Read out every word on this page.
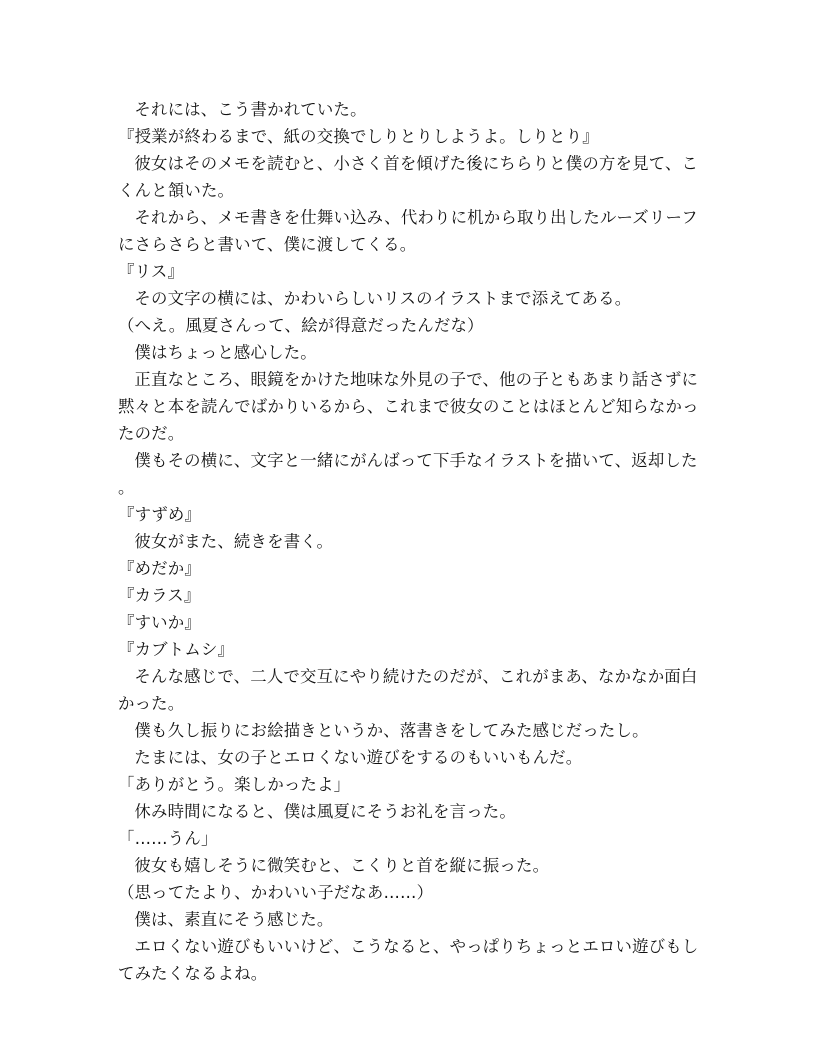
それには、こう書かれていた。

『授業が終わるまで、紙の交換でしりとりしようよ。しりとり』

彼女はそのメモを読むと、小さく首を傾げた後にちらりと僕の方を見て、こくんと頷いた。

それから、メモ書きを仕舞い込み、代わりに机から取り出したルーズリーフにさらさらと書いて、僕に渡してくる。

『リス』

その文字の横には、かわいらしいリスのイラストまで添えてある。

（へえ。風夏さんって、絵が得意だったんだな）

僕はちょっと感心した。

正直なところ、眼鏡をかけた地味な外見の子で、他の子ともあまり話さずに黙々と本を読んでばかりいるから、これまで彼女のことはほとんど知らなかったのだ。

僕もその横に、文字と一緒にがんばって下手なイラストを描いて、返却した。

『すずめ』

彼女がまた、続きを書く。

『めだか』

『カラス』

『すいか』

『カブトムシ』

そんな感じで、二人で交互にやり続けたのだが、これがまあ、なかなか面白かった。

僕も久し振りにお絵描きというか、落書きをしてみた感じだったし。

たまには、女の子とエロくない遊びをするのもいいもんだ。

「ありがとう。楽しかったよ」

休み時間になると、僕は風夏にそうお礼を言った。

「……うん」

彼女も嬉しそうに微笑むと、こくりと首を縦に振った。

（思ってたより、かわいい子だなあ……）

僕は、素直にそう感じた。

エロくない遊びもいいけど、こうなると、やっぱりちょっとエロい遊びもしてみたくなるよね。
